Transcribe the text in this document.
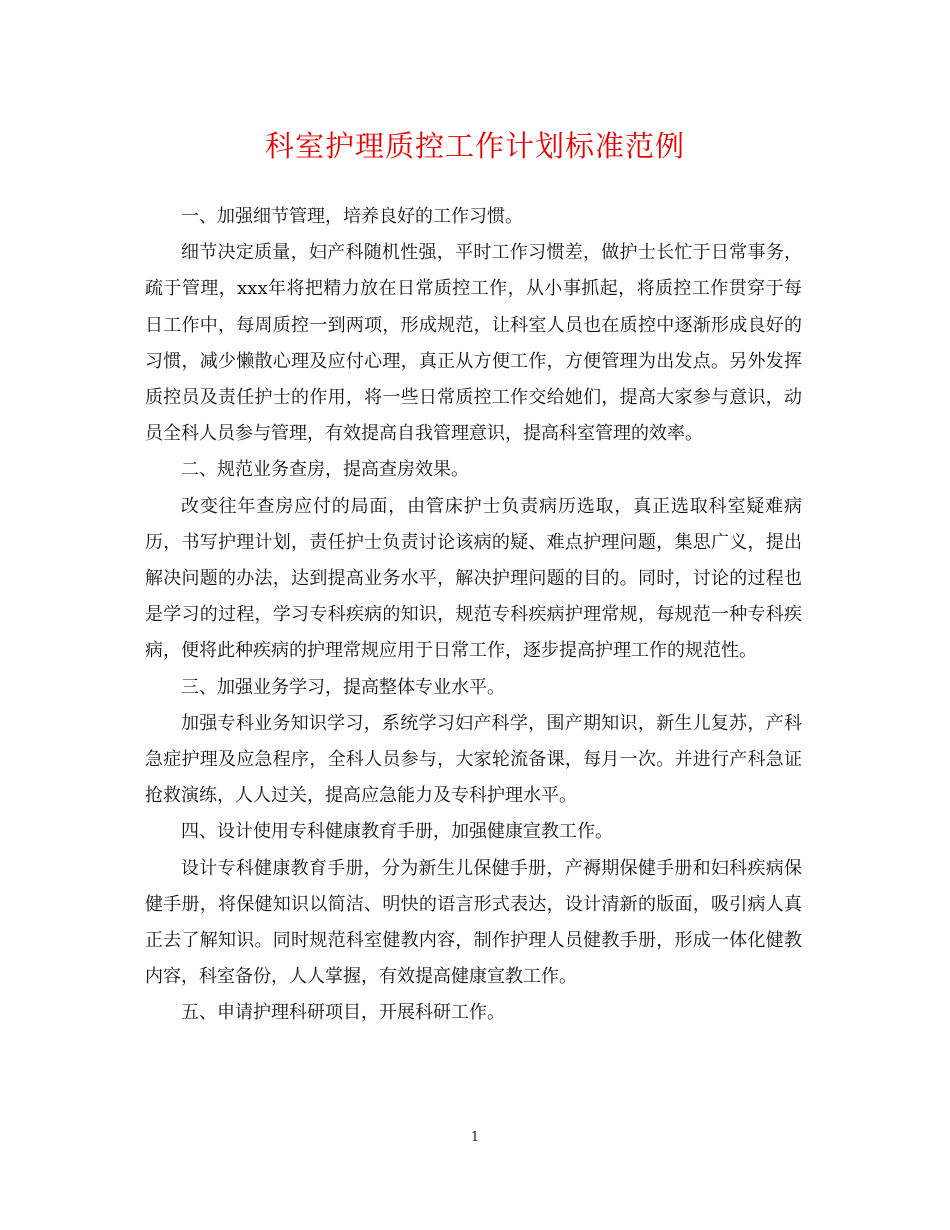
科室护理质控工作计划标准范例

一、加强细节管理，培养良好的工作习惯。

细节决定质量，妇产科随机性强，平时工作习惯差，做护士长忙于日常事务，疏于管理，xxx年将把精力放在日常质控工作，从小事抓起，将质控工作贯穿于每日工作中，每周质控一到两项，形成规范，让科室人员也在质控中逐渐形成良好的习惯，减少懒散心理及应付心理，真正从方便工作，方便管理为出发点。另外发挥质控员及责任护士的作用，将一些日常质控工作交给她们，提高大家参与意识，动员全科人员参与管理，有效提高自我管理意识，提高科室管理的效率。

二、规范业务查房，提高查房效果。

改变往年查房应付的局面，由管床护士负责病历选取，真正选取科室疑难病历，书写护理计划，责任护士负责讨论该病的疑、难点护理问题，集思广义，提出解决问题的办法，达到提高业务水平，解决护理问题的目的。同时，讨论的过程也是学习的过程，学习专科疾病的知识，规范专科疾病护理常规，每规范一种专科疾病，便将此种疾病的护理常规应用于日常工作，逐步提高护理工作的规范性。

三、加强业务学习，提高整体专业水平。

加强专科业务知识学习，系统学习妇产科学，围产期知识，新生儿复苏，产科急症护理及应急程序，全科人员参与，大家轮流备课，每月一次。并进行产科急证抢救演练，人人过关，提高应急能力及专科护理水平。

四、设计使用专科健康教育手册，加强健康宣教工作。

设计专科健康教育手册，分为新生儿保健手册，产褥期保健手册和妇科疾病保健手册，将保健知识以简洁、明快的语言形式表达，设计清新的版面，吸引病人真正去了解知识。同时规范科室健教内容，制作护理人员健教手册，形成一体化健教内容，科室备份，人人掌握，有效提高健康宣教工作。

五、申请护理科研项目，开展科研工作。

1
